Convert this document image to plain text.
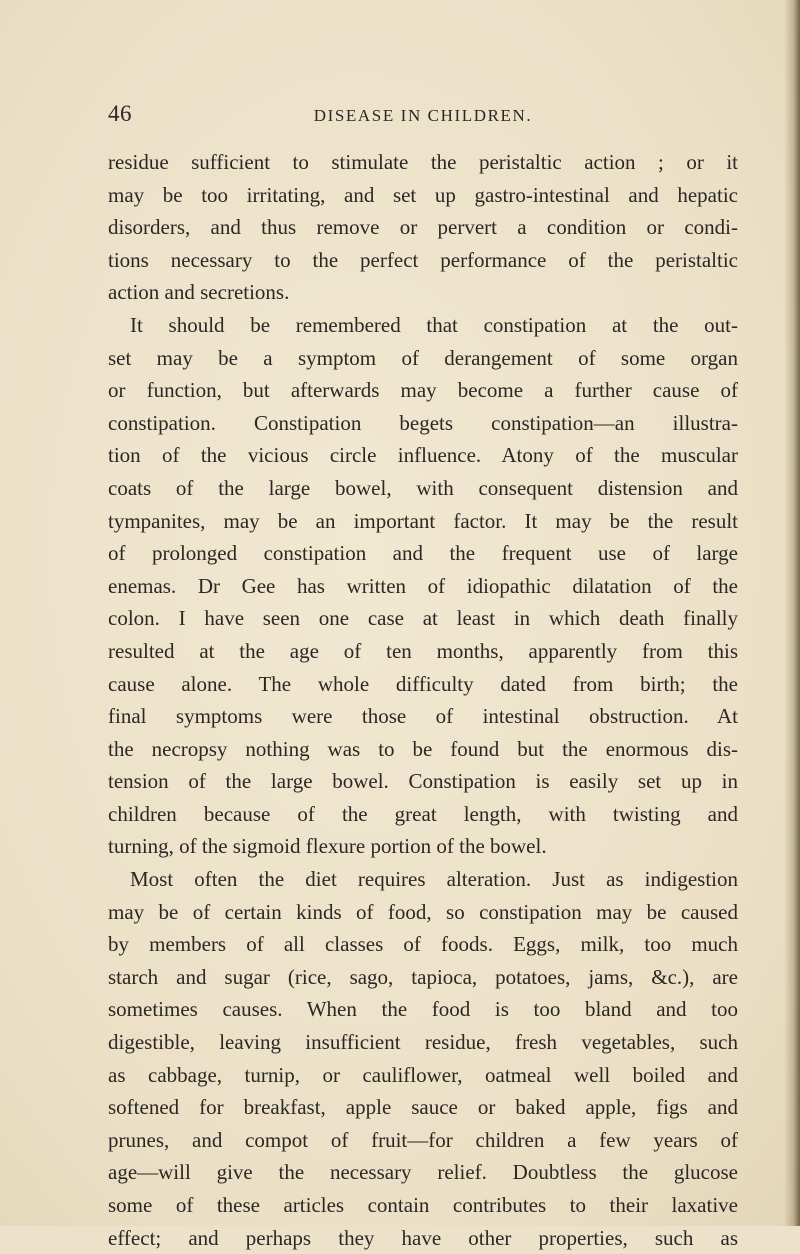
46	DISEASE IN CHILDREN.
residue sufficient to stimulate the peristaltic action ; or it
may be too irritating, and set up gastro-intestinal and hepatic
disorders, and thus remove or pervert a condition or condi-
tions necessary to the perfect performance of the peristaltic
action and secretions.
It should be remembered that constipation at the out-
set may be a symptom of derangement of some organ
or function, but afterwards may become a further cause of
constipation. Constipation begets constipation—an illustra-
tion of the vicious circle influence. Atony of the muscular
coats of the large bowel, with consequent distension and
tympanites, may be an important factor. It may be the result
of prolonged constipation and the frequent use of large
enemas. Dr Gee has written of idiopathic dilatation of the
colon. I have seen one case at least in which death finally
resulted at the age of ten months, apparently from this
cause alone. The whole difficulty dated from birth; the
final symptoms were those of intestinal obstruction. At
the necropsy nothing was to be found but the enormous dis-
tension of the large bowel. Constipation is easily set up in
children because of the great length, with twisting and
turning, of the sigmoid flexure portion of the bowel.
Most often the diet requires alteration. Just as indigestion
may be of certain kinds of food, so constipation may be caused
by members of all classes of foods. Eggs, milk, too much
starch and sugar (rice, sago, tapioca, potatoes, jams, &c.), are
sometimes causes. When the food is too bland and too
digestible, leaving insufficient residue, fresh vegetables, such
as cabbage, turnip, or cauliflower, oatmeal well boiled and
softened for breakfast, apple sauce or baked apple, figs and
prunes, and compot of fruit—for children a few years of
age—will give the necessary relief. Doubtless the glucose
some of these articles contain contributes to their laxative
effect; and perhaps they have other properties, such as
